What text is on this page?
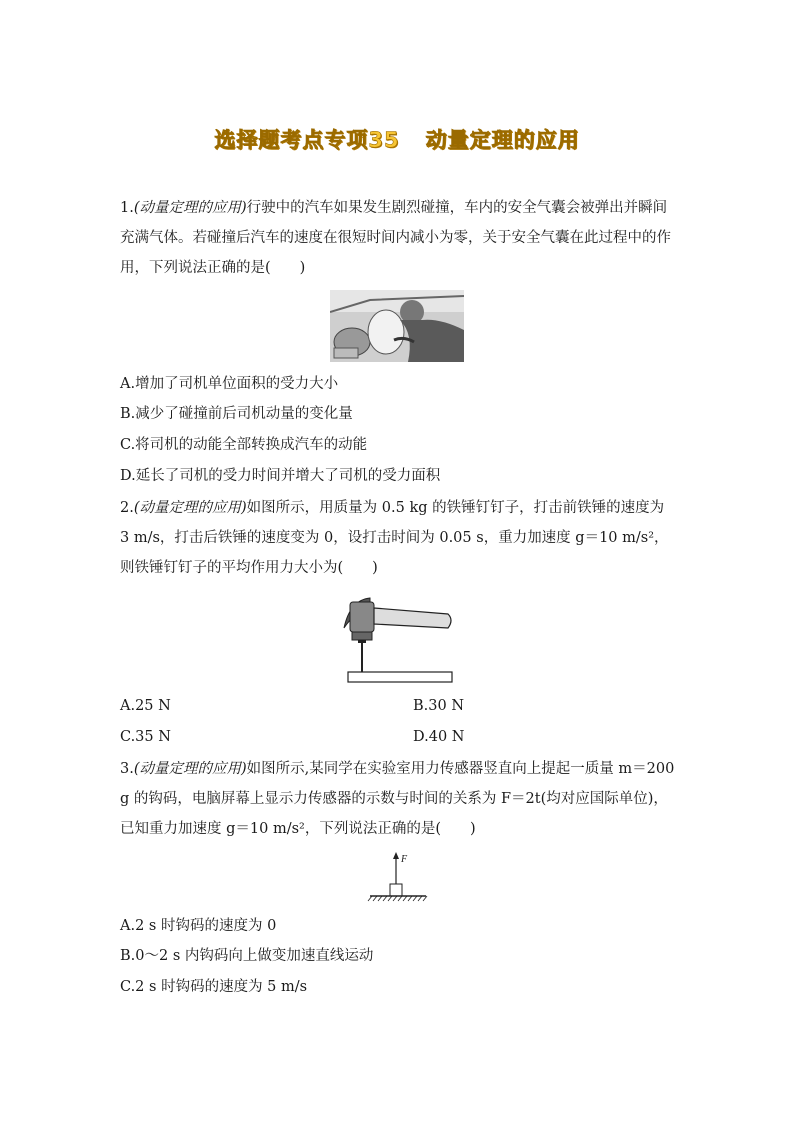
选择题考点专项35 动量定理的应用
1.(动量定理的应用)行驶中的汽车如果发生剧烈碰撞，车内的安全气囊会被弹出并瞬间充满气体。若碰撞后汽车的速度在很短时间内减小为零，关于安全气囊在此过程中的作用，下列说法正确的是(　　)
A.增加了司机单位面积的受力大小
B.减少了碰撞前后司机动量的变化量
C.将司机的动能全部转换成汽车的动能
D.延长了司机的受力时间并增大了司机的受力面积
2.(动量定理的应用)如图所示，用质量为 0.5 kg 的铁锤钉钉子，打击前铁锤的速度为 3 m/s，打击后铁锤的速度变为 0，设打击时间为 0.05 s，重力加速度 g＝10 m/s²，则铁锤钉钉子的平均作用力大小为(　　)
A.25 N	B.30 N
C.35 N	D.40 N
3.(动量定理的应用)如图所示,某同学在实验室用力传感器竖直向上提起一质量 m＝200 g 的钩码，电脑屏幕上显示力传感器的示数与时间的关系为 F＝2t(均对应国际单位)，已知重力加速度 g＝10 m/s²，下列说法正确的是(　　)
F
A.2 s 时钩码的速度为 0
B.0～2 s 内钩码向上做变加速直线运动
C.2 s 时钩码的速度为 5 m/s
